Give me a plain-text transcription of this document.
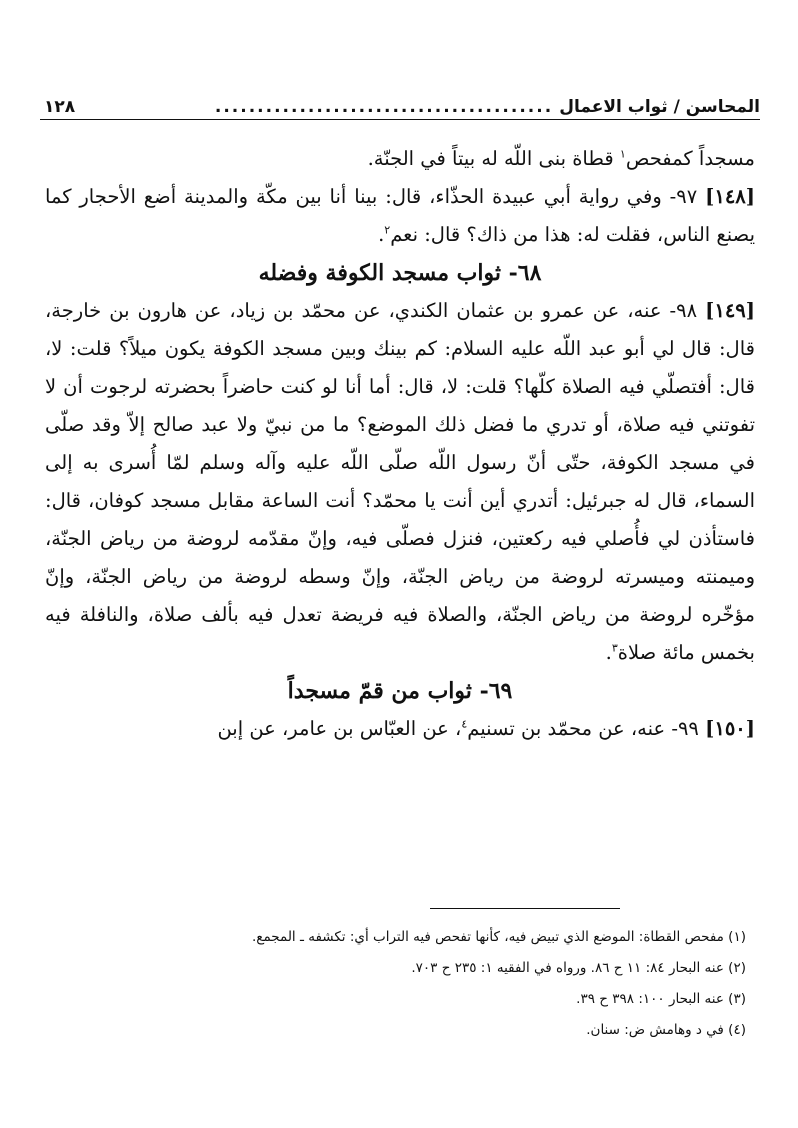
المحاسن / ثواب الاعمال
........................................
١٢٨

مسجداً كمفحص$^١$ قطاة بنى اللّه له بيتاً في الجنّة.

[١٤٨] ٩٧- وفي رواية أبي عبيدة الحذّاء، قال: بينا أنا بين مكّة والمدينة أضع الأحجار كما يصنع الناس، فقلت له: هذا من ذاك؟ قال: نعم$^٢$.

٦٨- ثواب مسجد الكوفة وفضله

[١٤٩] ٩٨- عنه، عن عمرو بن عثمان الكندي، عن محمّد بن زياد، عن هارون بن خارجة، قال: قال لي أبو عبد اللّه عليه السلام: كم بينك وبين مسجد الكوفة يكون ميلاً؟ قلت: لا، قال: أفتصلّي فيه الصلاة كلّها؟ قلت: لا، قال: أما أنا لو كنت حاضراً بحضرته لرجوت أن لا تفوتني فيه صلاة، أو تدري ما فضل ذلك الموضع؟ ما من نبيّ ولا عبد صالح إلاّ وقد صلّى في مسجد الكوفة، حتّى أنّ رسول اللّه صلّى اللّه عليه وآله وسلم لمّا أُسرى به إلى السماء، قال له جبرئيل: أتدري أين أنت يا محمّد؟ أنت الساعة مقابل مسجد كوفان، قال: فاستأذن لي فأُصلي فيه ركعتين، فنزل فصلّى فيه، وإنّ مقدّمه لروضة من رياض الجنّة، وميمنته وميسرته لروضة من رياض الجنّة، وإنّ وسطه لروضة من رياض الجنّة، وإنّ مؤخّره لروضة من رياض الجنّة، والصلاة فيه فريضة تعدل فيه بألف صلاة، والنافلة فيه بخمس مائة صلاة$^٣$.

٦٩- ثواب من قمّ مسجداً

[١٥٠] ٩٩- عنه، عن محمّد بن تسنيم$^٤$، عن العبّاس بن عامر، عن إبن

(١) مفحص القطاة: الموضع الذي تبيض فيه، كأنها تفحص فيه التراب أي: تكشفه ـ المجمع.

(٢) عنه البحار ٨٤: ١١ ح ٨٦. ورواه في الفقيه ١: ٢٣٥ ح ٧٠٣.

(٣) عنه البحار ١٠٠: ٣٩٨ ح ٣٩.

(٤) في د وهامش ض: سنان.
